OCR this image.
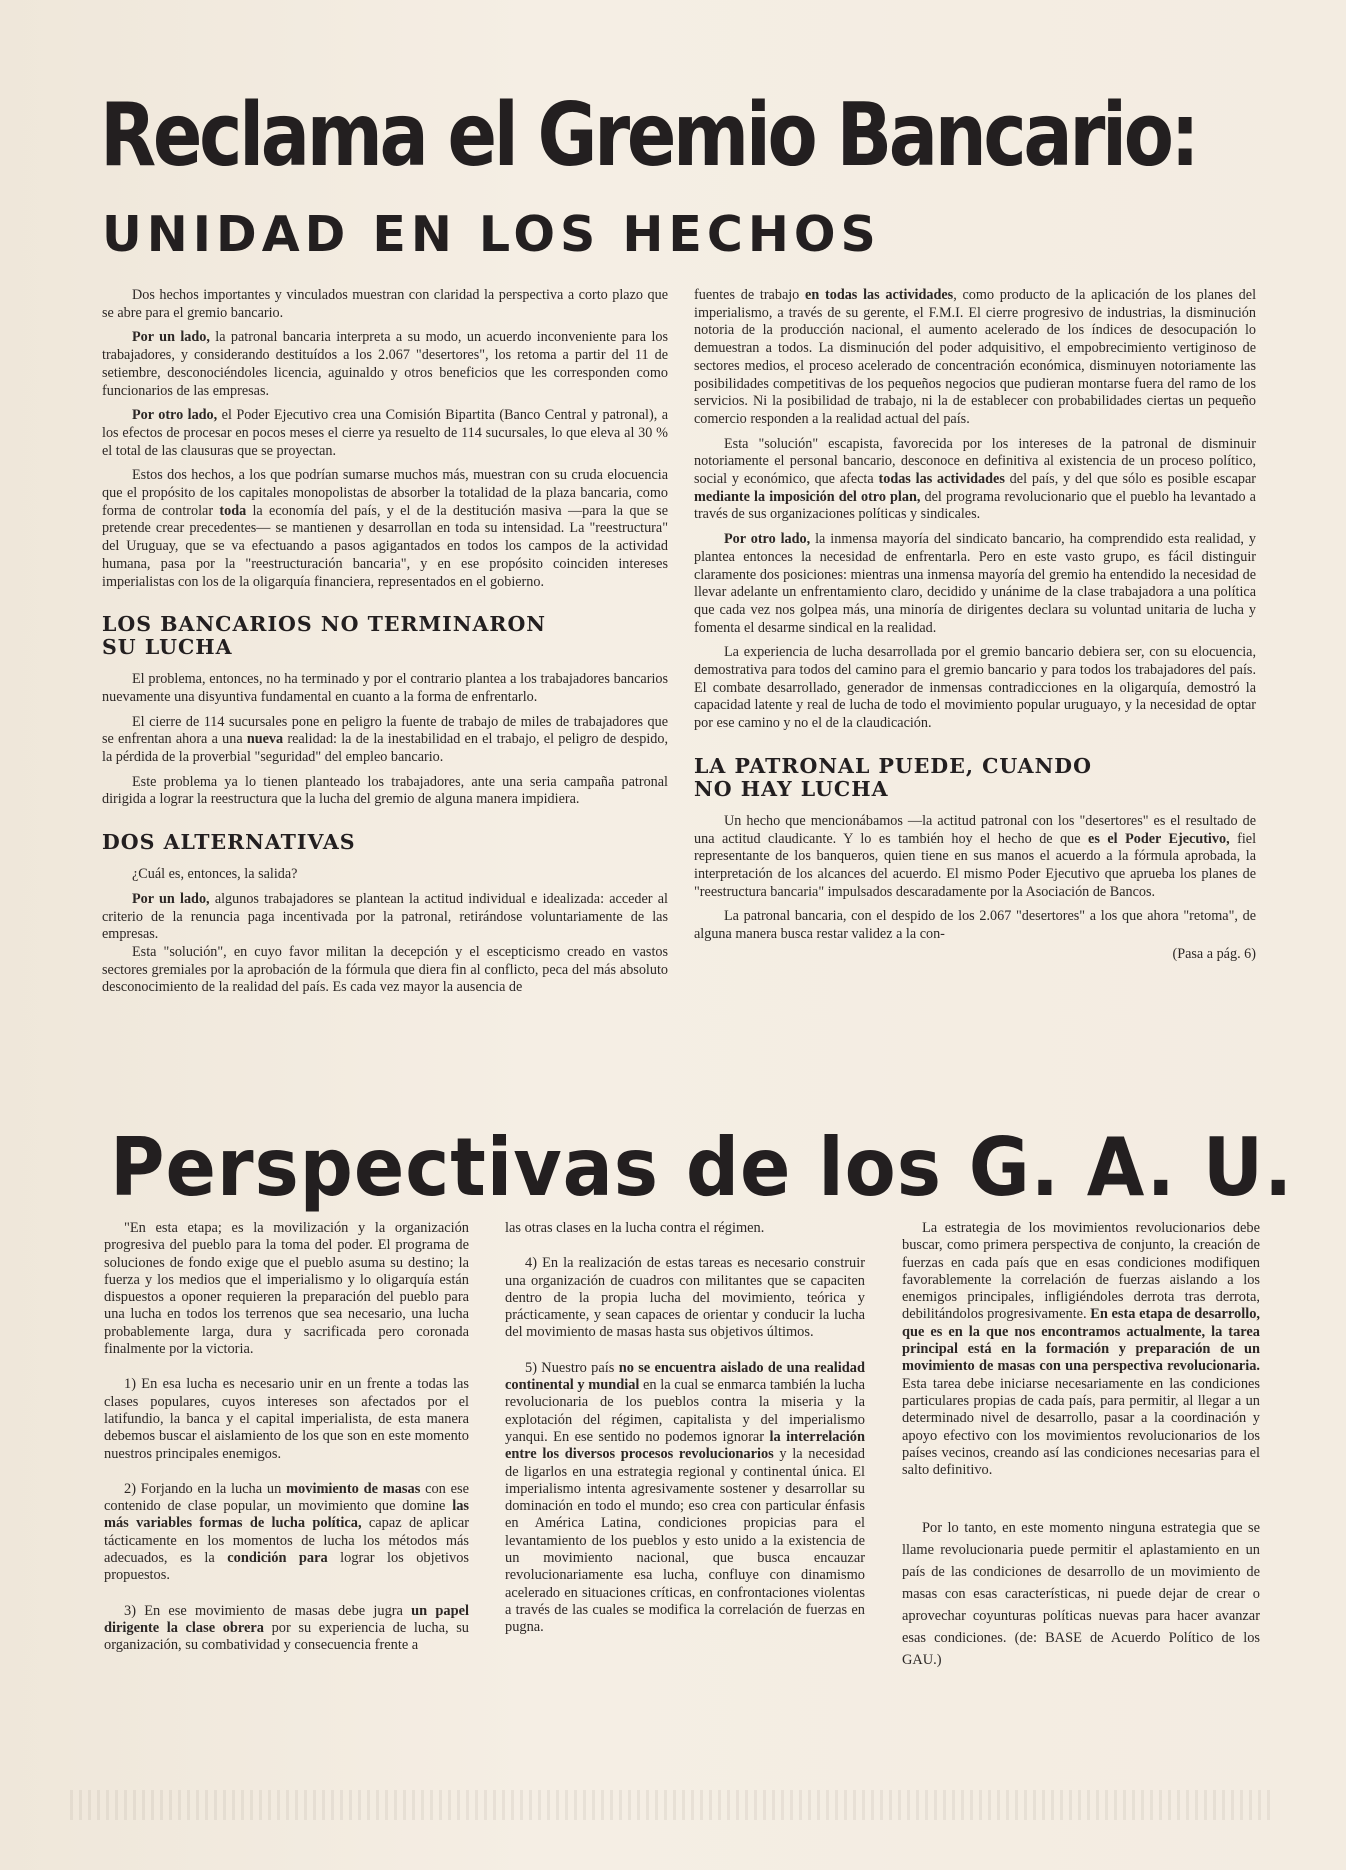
Reclama el Gremio Bancario:
UNIDAD EN LOS HECHOS

Dos hechos importantes y vinculados muestran con claridad la perspectiva a corto plazo que se abre para el gremio bancario.

Por un lado, la patronal bancaria interpreta a su modo, un acuerdo inconveniente para los trabajadores, y considerando destituídos a los 2.067 "desertores", los retoma a partir del 11 de setiembre, desconociéndoles licencia, aguinaldo y otros beneficios que les corresponden como funcionarios de las empresas.

Por otro lado, el Poder Ejecutivo crea una Comisión Bipartita (Banco Central y patronal), a los efectos de procesar en pocos meses el cierre ya resuelto de 114 sucursales, lo que eleva al 30 % el total de las clausuras que se proyectan.

Estos dos hechos, a los que podrían sumarse muchos más, muestran con su cruda elocuencia que el propósito de los capitales monopolistas de absorber la totalidad de la plaza bancaria, como forma de controlar toda la economía del país, y el de la destitución masiva —para la que se pretende crear precedentes— se mantienen y desarrollan en toda su intensidad. La "reestructura" del Uruguay, que se va efectuando a pasos agigantados en todos los campos de la actividad humana, pasa por la "reestructuración bancaria", y en ese propósito coinciden intereses imperialistas con los de la oligarquía financiera, representados en el gobierno.

LOS BANCARIOS NO TERMINARON SU LUCHA

El problema, entonces, no ha terminado y por el contrario plantea a los trabajadores bancarios nuevamente una disyuntiva fundamental en cuanto a la forma de enfrentarlo.

El cierre de 114 sucursales pone en peligro la fuente de trabajo de miles de trabajadores que se enfrentan ahora a una nueva realidad: la de la inestabilidad en el trabajo, el peligro de despido, la pérdida de la proverbial "seguridad" del empleo bancario.

Este problema ya lo tienen planteado los trabajadores, ante una seria campaña patronal dirigida a lograr la reestructura que la lucha del gremio de alguna manera impidiera.

DOS ALTERNATIVAS

¿Cuál es, entonces, la salida?

Por un lado, algunos trabajadores se plantean la actitud individual e idealizada: acceder al criterio de la renuncia paga incentivada por la patronal, retirándose voluntariamente de las empresas.

Esta "solución", en cuyo favor militan la decepción y el escepticismo creado en vastos sectores gremiales por la aprobación de la fórmula que diera fin al conflicto, peca del más absoluto desconocimiento de la realidad del país. Es cada vez mayor la ausencia de

fuentes de trabajo en todas las actividades, como producto de la aplicación de los planes del imperialismo, a través de su gerente, el F.M.I. El cierre progresivo de industrias, la disminución notoria de la producción nacional, el aumento acelerado de los índices de desocupación lo demuestran a todos. La disminución del poder adquisitivo, el empobrecimiento vertiginoso de sectores medios, el proceso acelerado de concentración económica, disminuyen notoriamente las posibilidades competitivas de los pequeños negocios que pudieran montarse fuera del ramo de los servicios. Ni la posibilidad de trabajo, ni la de establecer con probabilidades ciertas un pequeño comercio responden a la realidad actual del país.

Esta "solución" escapista, favorecida por los intereses de la patronal de disminuir notoriamente el personal bancario, desconoce en definitiva al existencia de un proceso político, social y económico, que afecta todas las actividades del país, y del que sólo es posible escapar mediante la imposición del otro plan, del programa revolucionario que el pueblo ha levantado a través de sus organizaciones políticas y sindicales.

Por otro lado, la inmensa mayoría del sindicato bancario, ha comprendido esta realidad, y plantea entonces la necesidad de enfrentarla. Pero en este vasto grupo, es fácil distinguir claramente dos posiciones: mientras una inmensa mayoría del gremio ha entendido la necesidad de llevar adelante un enfrentamiento claro, decidido y unánime de la clase trabajadora a una política que cada vez nos golpea más, una minoría de dirigentes declara su voluntad unitaria de lucha y fomenta el desarme sindical en la realidad.

La experiencia de lucha desarrollada por el gremio bancario debiera ser, con su elocuencia, demostrativa para todos del camino para el gremio bancario y para todos los trabajadores del país. El combate desarrollado, generador de inmensas contradicciones en la oligarquía, demostró la capacidad latente y real de lucha de todo el movimiento popular uruguayo, y la necesidad de optar por ese camino y no el de la claudicación.

LA PATRONAL PUEDE, CUANDO NO HAY LUCHA

Un hecho que mencionábamos —la actitud patronal con los "desertores" es el resultado de una actitud claudicante. Y lo es también hoy el hecho de que es el Poder Ejecutivo, fiel representante de los banqueros, quien tiene en sus manos el acuerdo a la fórmula aprobada, la interpretación de los alcances del acuerdo. El mismo Poder Ejecutivo que aprueba los planes de "reestructura bancaria" impulsados descaradamente por la Asociación de Bancos.

La patronal bancaria, con el despido de los 2.067 "desertores" a los que ahora "retoma", de alguna manera busca restar validez a la con-

(Pasa a pág. 6)
Perspectivas de los G. A. U.

"En esta etapa; es la movilización y la organización progresiva del pueblo para la toma del poder. El programa de soluciones de fondo exige que el pueblo asuma su destino; la fuerza y los medios que el imperialismo y lo oligarquía están dispuestos a oponer requieren la preparación del pueblo para una lucha en todos los terrenos que sea necesario, una lucha probablemente larga, dura y sacrificada pero coronada finalmente por la victoria.

1) En esa lucha es necesario unir en un frente a todas las clases populares, cuyos intereses son afectados por el latifundio, la banca y el capital imperialista, de esta manera debemos buscar el aislamiento de los que son en este momento nuestros principales enemigos.

2) Forjando en la lucha un movimiento de masas con ese contenido de clase popular, un movimiento que domine las más variables formas de lucha política, capaz de aplicar tácticamente en los momentos de lucha los métodos más adecuados, es la condición para lograr los objetivos propuestos.

3) En ese movimiento de masas debe jugra un papel dirigente la clase obrera por su experiencia de lucha, su organización, su combatividad y consecuencia frente a

las otras clases en la lucha contra el régimen.

4) En la realización de estas tareas es necesario construir una organización de cuadros con militantes que se capaciten dentro de la propia lucha del movimiento, teórica y prácticamente, y sean capaces de orientar y conducir la lucha del movimiento de masas hasta sus objetivos últimos.

5) Nuestro país no se encuentra aislado de una realidad continental y mundial en la cual se enmarca también la lucha revolucionaria de los pueblos contra la miseria y la explotación del régimen, capitalista y del imperialismo yanqui. En ese sentido no podemos ignorar la interrelación entre los diversos procesos revolucionarios y la necesidad de ligarlos en una estrategia regional y continental única. El imperialismo intenta agresivamente sostener y desarrollar su dominación en todo el mundo; eso crea con particular énfasis en América Latina, condiciones propicias para el levantamiento de los pueblos y esto unido a la existencia de un movimiento nacional, que busca encauzar revolucionariamente esa lucha, confluye con dinamismo acelerado en situaciones críticas, en confrontaciones violentas a través de las cuales se modifica la correlación de fuerzas en pugna.

La estrategia de los movimientos revolucionarios debe buscar, como primera perspectiva de conjunto, la creación de fuerzas en cada país que en esas condiciones modifiquen favorablemente la correlación de fuerzas aislando a los enemigos principales, infligiéndoles derrota tras derrota, debilitándolos progresivamente. En esta etapa de desarrollo, que es en la que nos encontramos actualmente, la tarea principal está en la formación y preparación de un movimiento de masas con una perspectiva revolucionaria. Esta tarea debe iniciarse necesariamente en las condiciones particulares propias de cada país, para permitir, al llegar a un determinado nivel de desarrollo, pasar a la coordinación y apoyo efectivo con los movimientos revolucionarios de los países vecinos, creando así las condiciones necesarias para el salto definitivo.

Por lo tanto, en este momento ninguna estrategia que se llame revolucionaria puede permitir el aplastamiento en un país de las condiciones de desarrollo de un movimiento de masas con esas características, ni puede dejar de crear o aprovechar coyunturas políticas nuevas para hacer avanzar esas condiciones. (de: BASE de Acuerdo Político de los GAU.)
